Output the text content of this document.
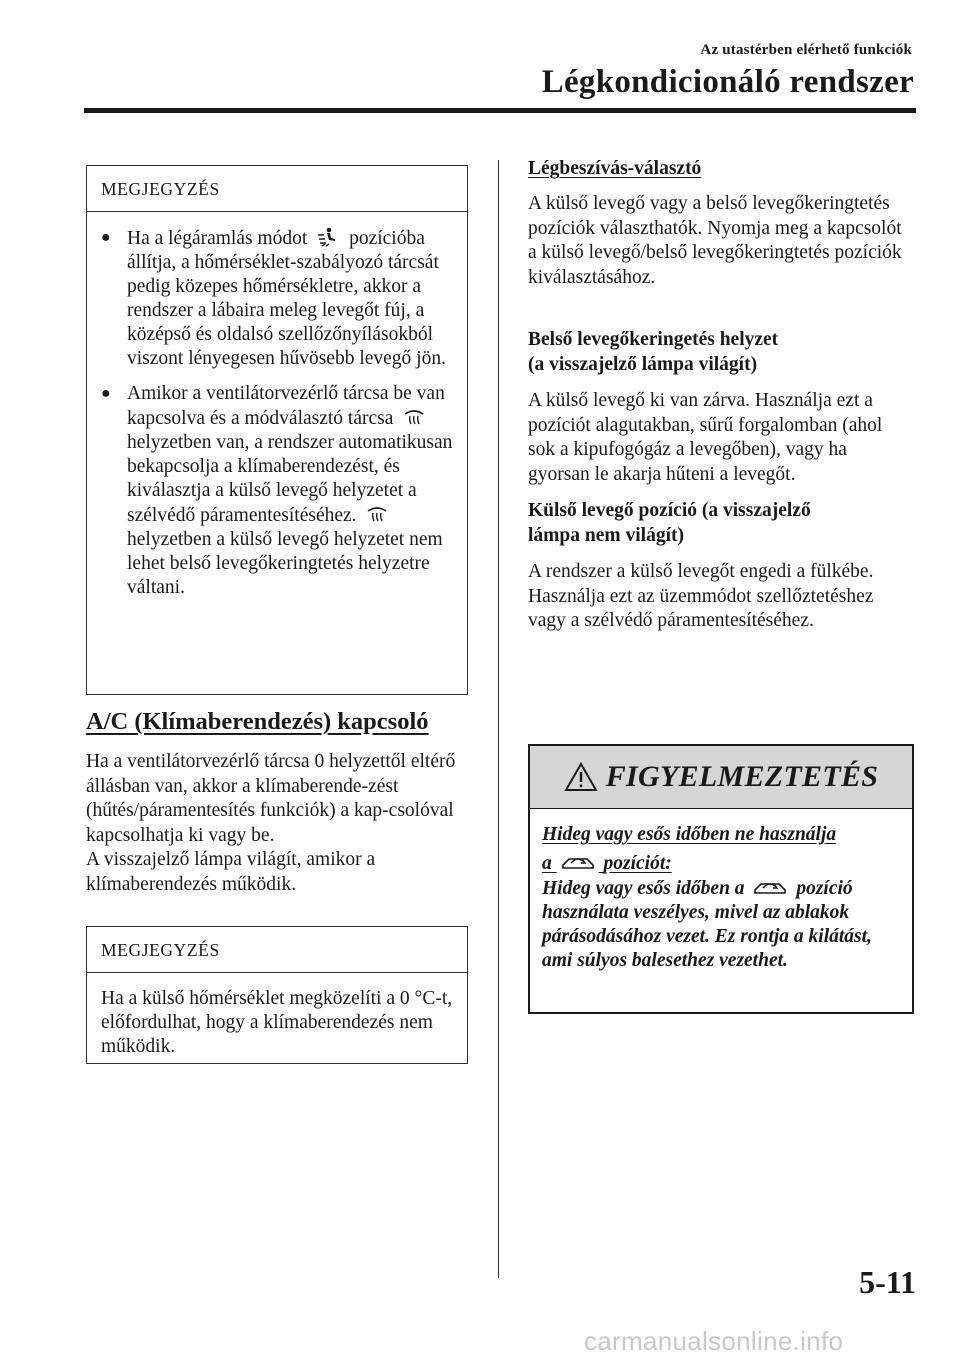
Az utastérben elérhető funkciók
Légkondicionáló rendszer
MEGJEGYZÉS
● Ha a légáramlás módot pozícióba állítja, a hőmérséklet-szabályozó tárcsát pedig közepes hőmérsékletre, akkor a rendszer a lábaira meleg levegőt fúj, a középső és oldalsó szellőzőnyílásokból viszont lényegesen hűvösebb levegő jön.
● Amikor a ventilátorvezérlő tárcsa be van kapcsolva és a módválasztó tárcsa  helyzetben van, a rendszer automatikusan bekapcsolja a klímaberendezést, és kiválasztja a külső levegő helyzetet a szélvédő páramentesítéséhez.  helyzetben a külső levegő helyzetet nem lehet belső levegőkeringtetés helyzetre váltani.
A/C (Klímaberendezés) kapcsoló

Ha a ventilátorvezérlő tárcsa 0 helyzettől eltérő állásban van, akkor a klímaberende-zést (hűtés/páramentesítés funkciók) a kap-csolóval kapcsolhatja ki vagy be.

A visszajelző lámpa világít, amikor a klímaberendezés működik.

MEGJEGYZÉS
Ha a külső hőmérséklet megközelíti a 0 °C-t, előfordulhat, hogy a klímaberendezés nem működik.
Légbeszívás-választó

A külső levegő vagy a belső levegőkeringtetés pozíciók választhatók. Nyomja meg a kapcsolót a külső levegő/belső levegőkeringtetés pozíciók kiválasztásához.

Belső levegőkeringetés helyzet

(a visszajelző lámpa világít)

A külső levegő ki van zárva. Használja ezt a pozíciót alagutakban, sűrű forgalomban (ahol sok a kipufogógáz a levegőben), vagy ha gyorsan le akarja hűteni a levegőt.

Külső levegő pozíció (a visszajelző

lámpa nem világít)

A rendszer a külső levegőt engedi a fülkébe. Használja ezt az üzemmódot szellőztetéshez vagy a szélvédő páramentesítéséhez.

FIGYELMEZTETÉS
Hideg vagy esős időben ne használja
a	pozíciót:
Hideg vagy esős időben a	pozíció használata veszélyes, mivel az ablakok párásodásához vezet. Ez rontja a kilátást, ami súlyos balesethez vezethet.
5-11
carmanualsonline.info
